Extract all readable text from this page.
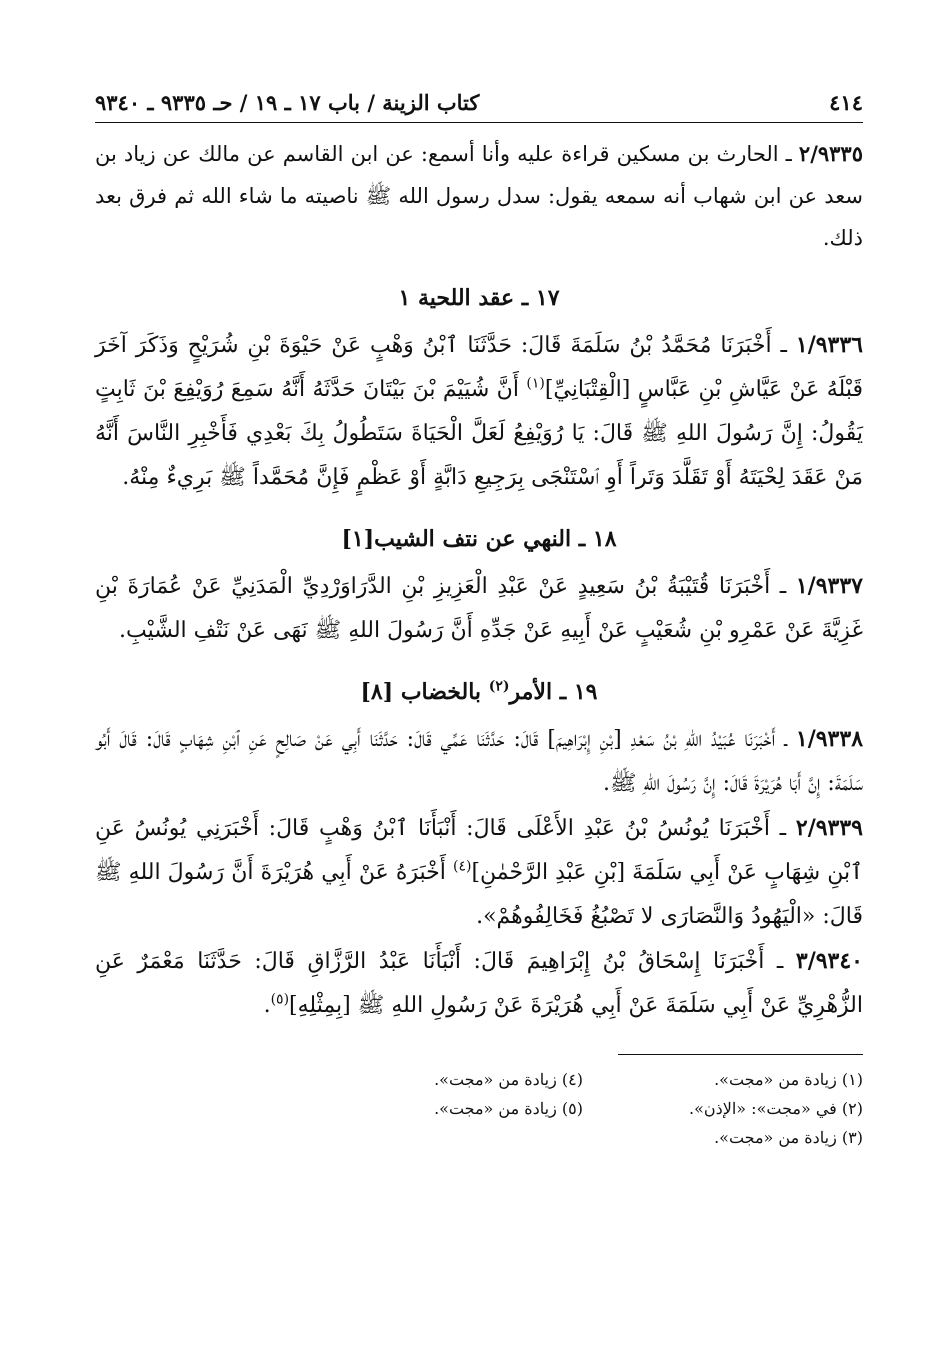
٤١٤
كتاب الزينة / باب ١٧ ـ ١٩ / حـ ٩٣٣٥ ـ ٩٣٤٠

٢/٩٣٣٥ ـ الحارث بن مسكين قراءة عليه وأنا أسمع: عن ابن القاسم عن مالك عن زياد بن سعد عن ابن شهاب أنه سمعه يقول: سدل رسول الله ﷺ ناصيته ما شاء الله ثم فرق بعد ذلك.

١٧ ـ عقد اللحية ١

١/٩٣٣٦ ـ أَخْبَرَنَا مُحَمَّدُ بْنُ سَلَمَةَ قَالَ: حَدَّثَنَا ٱبْنُ وَهْبٍ عَنْ حَيْوَةَ بْنِ شُرَيْحٍ وَذَكَرَ آخَرَ قَبْلَهُ عَنْ عَيَّاشِ بْنِ عَبَّاسٍ [الْقِتْبَانِيِّ]$^{(١)}$ أَنَّ شُيَيْمَ بْنَ بَيْتَانَ حَدَّثَهُ أَنَّهُ سَمِعَ رُوَيْفِعَ بْنَ ثَابِتٍ يَقُولُ: إِنَّ رَسُولَ اللهِ ﷺ قَالَ: يَا رُوَيْفِعُ لَعَلَّ الْحَيَاةَ سَتَطُولُ بِكَ بَعْدِي فَأَخْبِرِ النَّاسَ أَنَّهُ مَنْ عَقَدَ لِحْيَتَهُ أَوْ تَقَلَّدَ وَتَراً أَوِ ٱسْتَنْجَى بِرَجِيعِ دَابَّةٍ أَوْ عَظْمٍ فَإِنَّ مُحَمَّداً ﷺ بَرِيءٌ مِنْهُ.

١٨ ـ النهي عن نتف الشيب[١]

١/٩٣٣٧ ـ أَخْبَرَنَا قُتَيْبَةُ بْنُ سَعِيدٍ عَنْ عَبْدِ الْعَزِيزِ بْنِ الدَّرَاوَرْدِيِّ الْمَدَنِيِّ عَنْ عُمَارَةَ بْنِ غَزِيَّةَ عَنْ عَمْرِو بْنِ شُعَيْبٍ عَنْ أَبِيهِ عَنْ جَدِّهِ أَنَّ رَسُولَ اللهِ ﷺ نَهَى عَنْ نَتْفِ الشَّيْبِ.

١٩ ـ الأمر$^{(٢)}$ بالخضاب [٨]

١/٩٣٣٨ ـ أَخْبَرَنَا عُبَيْدُ اللهِ بْنُ سَعْدِ [بْنِ إِبْرَاهِيمَ] قَالَ: حَدَّثَنَا عَمِّي قَالَ: حَدَّثَنَا أَبِي عَنْ صَالِحٍ عَنِ ٱبْنِ شِهَابٍ قَالَ: قَالَ أَبُو سَلَمَةَ: إِنَّ أَبَا هُرَيْرَةَ قَالَ: إِنَّ رَسُولَ اللهِ ﷺ.

٢/٩٣٣٩ ـ أَخْبَرَنَا يُونُسُ بْنُ عَبْدِ الأَعْلَى قَالَ: أَنْبَأَنَا ٱبْنُ وَهْبٍ قَالَ: أَخْبَرَنِي يُونُسُ عَنِ ٱبْنِ شِهَابٍ عَنْ أَبِي سَلَمَةَ [بْنِ عَبْدِ الرَّحْمٰنِ]$^{(٤)}$ أَخْبَرَهُ عَنْ أَبِي هُرَيْرَةَ أَنَّ رَسُولَ اللهِ ﷺ قَالَ: «الْيَهُودُ وَالنَّصَارَى لا تَصْبُغُ فَخَالِفُوهُمْ».

٣/٩٣٤٠ ـ أَخْبَرَنَا إِسْحَاقُ بْنُ إِبْرَاهِيمَ قَالَ: أَنْبَأَنَا عَبْدُ الرَّزَّاقِ قَالَ: حَدَّثَنَا مَعْمَرٌ عَنِ الزُّهْرِيِّ عَنْ أَبِي سَلَمَةَ عَنْ أَبِي هُرَيْرَةَ عَنْ رَسُولِ اللهِ ﷺ [بِمِثْلِهِ]$^{(٥)}$.

(١) زيادة من «مجت».
(٢) في «مجت»: «الإذن».
(٣) زيادة من «مجت».
(٤) زيادة من «مجت».
(٥) زيادة من «مجت».
